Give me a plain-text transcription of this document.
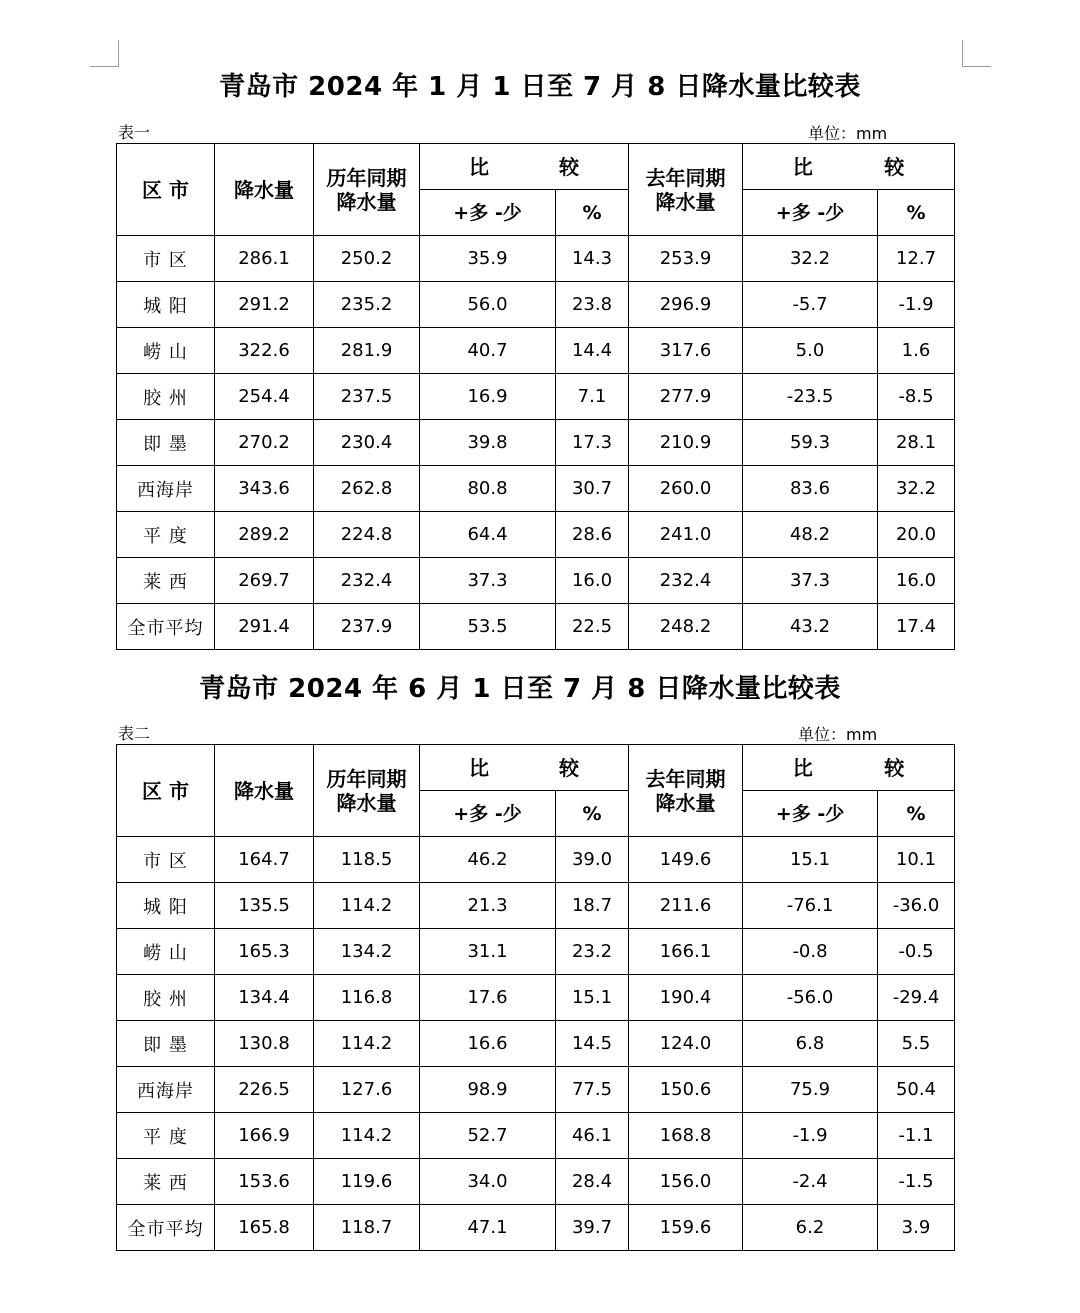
青岛市 2024 年 1 月 1 日至 7 月 8 日降水量比较表
表一	单位：mm
区 市	降水量	历年同期降水量	比 较		去年同期降水量	比 较	

			+多 -少	%		+多 -少	%
市 区	286.1	250.2	35.9	14.3	253.9	32.2	12.7
城 阳	291.2	235.2	56.0	23.8	296.9	-5.7	-1.9
崂 山	322.6	281.9	40.7	14.4	317.6	5.0	1.6
胶 州	254.4	237.5	16.9	7.1	277.9	-23.5	-8.5
即 墨	270.2	230.4	39.8	17.3	210.9	59.3	28.1
西海岸	343.6	262.8	80.8	30.7	260.0	83.6	32.2
平 度	289.2	224.8	64.4	28.6	241.0	48.2	20.0
莱 西	269.7	232.4	37.3	16.0	232.4	37.3	16.0
全市平均	291.4	237.9	53.5	22.5	248.2	43.2	17.4
青岛市 2024 年 6 月 1 日至 7 月 8 日降水量比较表
表二	单位：mm
区 市	降水量	历年同期降水量	比 较		去年同期降水量	比 较	

			+多 -少	%		+多 -少	%
市 区	164.7	118.5	46.2	39.0	149.6	15.1	10.1
城 阳	135.5	114.2	21.3	18.7	211.6	-76.1	-36.0
崂 山	165.3	134.2	31.1	23.2	166.1	-0.8	-0.5
胶 州	134.4	116.8	17.6	15.1	190.4	-56.0	-29.4
即 墨	130.8	114.2	16.6	14.5	124.0	6.8	5.5
西海岸	226.5	127.6	98.9	77.5	150.6	75.9	50.4
平 度	166.9	114.2	52.7	46.1	168.8	-1.9	-1.1
莱 西	153.6	119.6	34.0	28.4	156.0	-2.4	-1.5
全市平均	165.8	118.7	47.1	39.7	159.6	6.2	3.9
